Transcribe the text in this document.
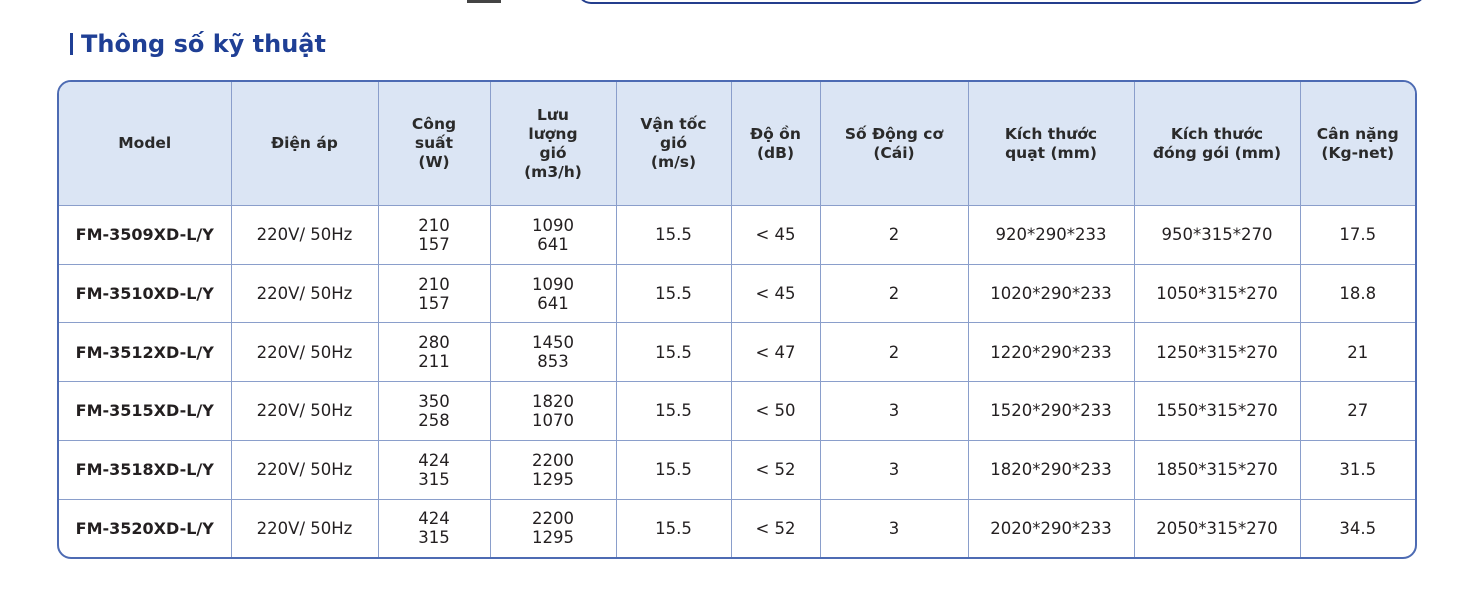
Thông số kỹ thuật
Model	Điện áp	Công
suất
(W)	Lưu
lượng
gió
(m3/h)	Vận tốc
gió
(m/s)	Độ ồn
(dB)	Số Động cơ
(Cái)	Kích thước
quạt (mm)	Kích thước
đóng gói (mm)	Cân nặng
(Kg-net)

FM-3509XD-L/Y	220V/ 50Hz	210
157	1090
641	15.5	< 45	2	920*290*233	950*315*270	17.5
FM-3510XD-L/Y	220V/ 50Hz	210
157	1090
641	15.5	< 45	2	1020*290*233	1050*315*270	18.8
FM-3512XD-L/Y	220V/ 50Hz	280
211	1450
853	15.5	< 47	2	1220*290*233	1250*315*270	21
FM-3515XD-L/Y	220V/ 50Hz	350
258	1820
1070	15.5	< 50	3	1520*290*233	1550*315*270	27
FM-3518XD-L/Y	220V/ 50Hz	424
315	2200
1295	15.5	< 52	3	1820*290*233	1850*315*270	31.5
FM-3520XD-L/Y	220V/ 50Hz	424
315	2200
1295	15.5	< 52	3	2020*290*233	2050*315*270	34.5
